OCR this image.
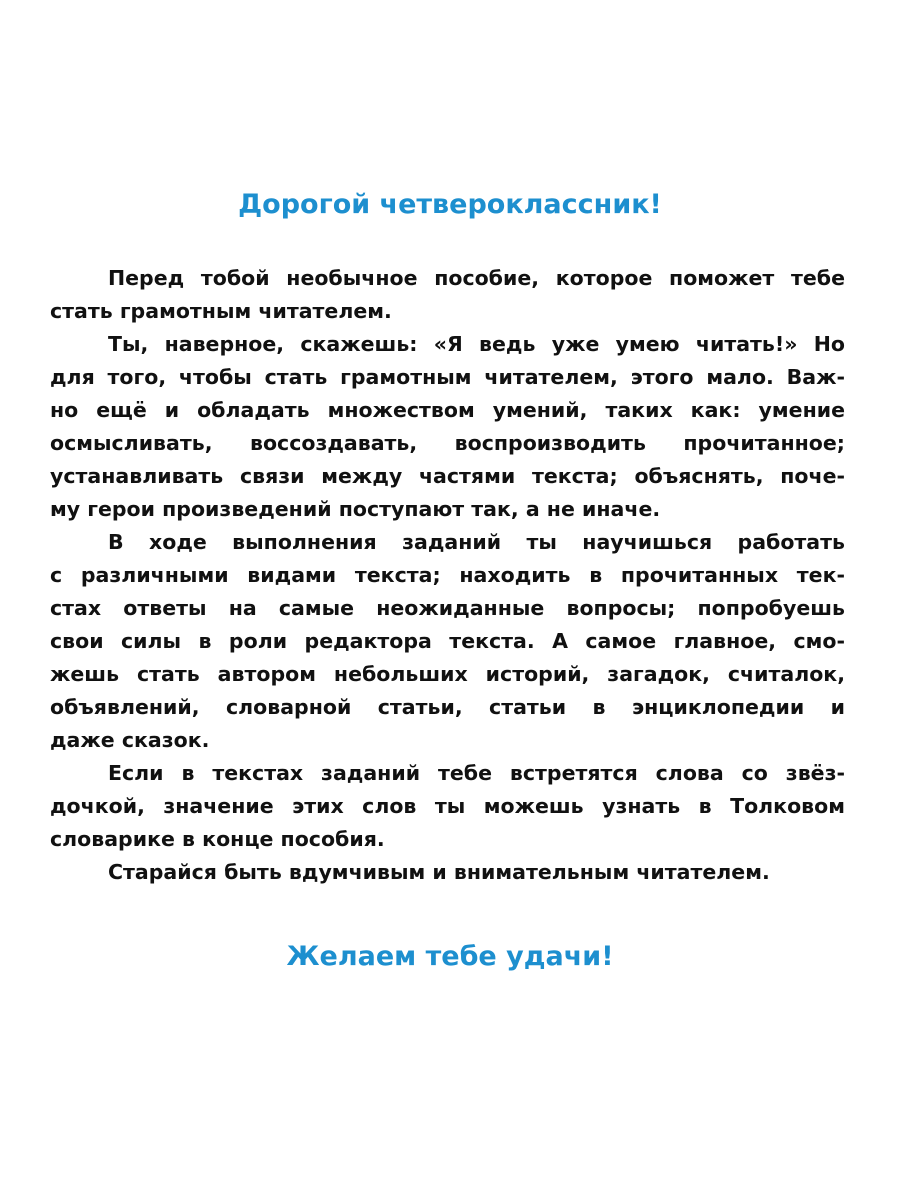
Дорогой четвероклассник!

Перед тобой необычное пособие, которое поможет тебе
стать грамотным читателем.

Ты, наверное, скажешь: «Я ведь уже умею читать!» Но
для того, чтобы стать грамотным читателем, этого мало. Важ-
но ещё и обладать множеством умений, таких как: умение
осмысливать, воссоздавать, воспроизводить прочитанное;
устанавливать связи между частями текста; объяснять, поче-
му герои произведений поступают так, а не иначе.

В ходе выполнения заданий ты научишься работать
с различными видами текста; находить в прочитанных тек-
стах ответы на самые неожиданные вопросы; попробуешь
свои силы в роли редактора текста. А самое главное, смо-
жешь стать автором небольших историй, загадок, считалок,
объявлений, словарной статьи, статьи в энциклопедии и
даже сказок.

Если в текстах заданий тебе встретятся слова со звёз-
дочкой, значение этих слов ты можешь узнать в Толковом
словарике в конце пособия.

Старайся быть вдумчивым и внимательным читателем.

Желаем тебе удачи!
